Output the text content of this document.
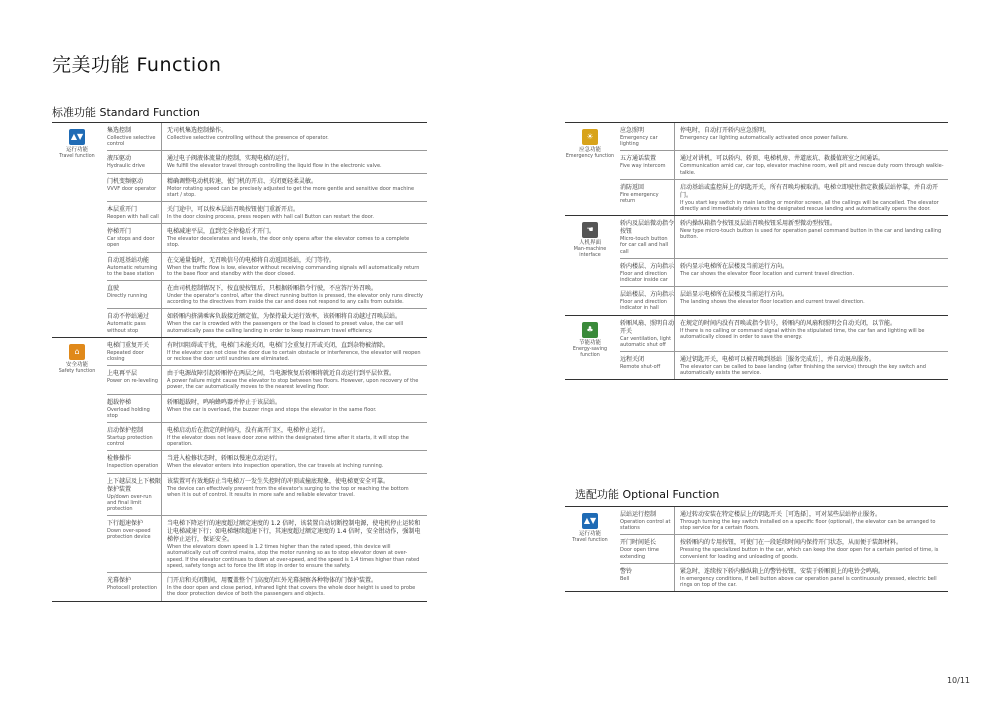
完美功能 Function
标准功能 Standard Function
选配功能 Optional Function
▲▼
运行功能
Travel function
集选控制
Collective selective control
无司机集选控制操作。
Collective selective controlling without the presence of operator.
液压驱动
Hydraulic drive
通过电子阀液体流量的控制，实现电梯的运行。
We fulfill the elevator travel through controlling the liquid flow in the electronic valve.
门机变频驱动
VVVF door operator
精确调整电动机转速，使门机的开启、关闭更轻柔灵敏。
Motor rotating speed can be precisely adjusted to get the more gentle and sensitive door machine start / stop.
本层重开门
Reopen with hall call
关门途中，可以按本层站召唤按钮使门重新开启。
In the door closing process, press reopen with hall call Button can restart the door.
停梯开门
Car stops and door open
电梯减速平层，直到完全停稳后才开门。
The elevator decelerates and levels, the door only opens after the elevator comes to a complete stop.
自动返基站功能
Automatic returning to the base station
在交通量低时，无召唤信号的电梯将自动返回基站，关门等待。
When the traffic flow is low, elevator without receiving commanding signals will automatically return to the base floor and standby with the door closed.
直驶
Directly running
在由司机控制情况下，按直驶按钮后，只根据轿厢指令行驶，不应答厅外召唤。
Under the operator's control, after the direct running button is pressed, the elevator only runs directly according to the directives from inside the car and does not respond to any calls from outside.
自动不停站通过
Automatic pass without stop
如轿厢内挤满乘客负载接近额定值，为保持最大运行效率，该轿厢将自动越过召唤层站。
When the car is crowded with the passengers or the load is closed to preset value, the car will automatically pass the calling landing in order to keep maximum travel efficiency.
⌂
安全功能
Safety function
电梯门重复开关
Repeated door closing
有时因阻碍或干扰，电梯门未能关闭，电梯门会重复打开或关闭，直到杂物被清除。
If the elevator can not close the door due to certain obstacle or interference, the elevator will reopen or reclose the door until sundries are eliminated.
上电再平层
Power on re-leveling
由于电源故障引起轿厢停在两层之间，当电源恢复后轿厢将就近自动运行到平层位置。
A power failure might cause the elevator to stop between two floors. However, upon recovery of the power, the car automatically moves to the nearest leveling floor.
超载停梯
Overload holding stop
轿厢超载时，鸣响蜂鸣器并停止于该层站。
When the car is overload, the buzzer rings and stops the elevator in the same floor.
启动保护控制
Startup protection control
电梯启动后在指定的时间内，没有离开门区，电梯停止运行。
If the elevator does not leave door zone within the designated time after it starts, it will stop the operation.
检修操作
Inspection operation
当进入检修状态时，轿厢以慢速点动运行。
When the elevator enters into inspection operation, the car travels at inching running.
上下越层及上下极限保护装置
Up/down over-run and final limit protection
该装置可有效地防止当电梯万一发生失控时的冲顶或撞底现象，使电梯更安全可靠。
The device can effectively prevent from the elevator's surging to the top or reaching the bottom when it is out of control. It results in more safe and reliable elevator travel.
下行超速保护
Down over-speed protection device
当电梯下降运行的速度超过额定速度的 1.2 倍时，该装置自动切断控制电源，使电机停止运转和让电梯减速下行；如电梯继续超速下行，其速度超过额定速度的 1.4 倍时，安全钳动作，强制电梯停止运行，保证安全。
When the elevators down speed is 1.2 times higher than the rated speed, this device will automatically cut off control mains, stop the motor running so as to stop elevator down at over-speed. If the elevator continues to down at over-speed, and the speed is 1.4 times higher than rated speed, safety tongs act to force the lift stop in order to ensure the safety.
光幕保护
Photocell protection
门开启和关闭期间，用覆盖整个门高度的红外光幕洞察各种物体的门保护装置。
In the door open and close period, infrared light that covers the whole door height is used to probe the door protection device of both the passengers and objects.
☀
应急功能
Emergency function
应急照明
Emergency car lighting
停电时，自动打开轿内应急照明。
Emergency car lighting automatically activated once power failure.
五方通话装置
Five way intercom
通过对讲机，可以轿内、轿顶、电梯机房、井道底坑、救援值班室之间通话。
Communication amid car, car top, elevator machine room, well pit and rescue duty room through walkie-talkie.
消防返回
Fire emergency return
启动基站或监控屏上的钥匙开关，所有召唤均被取消。电梯立即驶往指定救援层站停靠，并自动开门。
If you start key switch in main landing or monitor screen, all the callings will be cancelled. The elevator directly and immediately drives to the designated rescue landing and automatically opens the door.
☚
人机界面
Man-machine interface
轿内及层站微动指令按钮
Micro-touch button for car call and hall call
轿内操纵箱指令按钮及层站召唤按钮采用新型微动型按钮。
New type micro-touch button is used for operation panel command button in the car and landing calling button.
轿内楼层、方向指示
Floor and direction indicator inside car
轿内显示电梯所在层楼及当前运行方向。
The car shows the elevator floor location and current travel direction.
层站楼层、方向指示
Floor and direction indicator in hall
层站显示电梯所在层楼及当前运行方向。
The landing shows the elevator floor location and current travel direction.
♣
节能功能
Energy-saving function
轿厢风扇、照明自动开关
Car ventilation, light automatic shut off
在规定的时间内没有召唤或指令信号，轿厢内的风扇和照明会自动关闭，以节能。
If there is no calling or command signal within the stipulated time, the car fan and lighting will be automatically closed in order to save the energy.
远程关闭
Remote shut-off
通过钥匙开关，电梯可以被召唤到基站［服务完成后］，并自动退出服务。
The elevator can be called to base landing (after finishing the service) through the key switch and automatically exists the service.
▲▼
运行功能
Travel function
层站运行控制
Operation control at stations
通过转动安装在特定楼层上的钥匙开关［可选择］，可对某些层站停止服务。
Through turning the key switch installed on a specific floor (optional), the elevator can be arranged to stop service for a certain floors.
开门时间延长
Door open time extending
按轿厢内的专用按钮，可使门在一段延续时间内保持开门状态，从而便于装卸材料。
Pressing the specialized button in the car, which can keep the door open for a certain period of time, is convenient for loading and unloading of goods.
警铃
Bell
紧急时，连续按下轿内操纵箱上的警铃按钮，安装于轿厢顶上的电铃会鸣响。
In emergency conditions, if bell button above car operation panel is continuously pressed, electric bell rings on top of the car.
10/11
